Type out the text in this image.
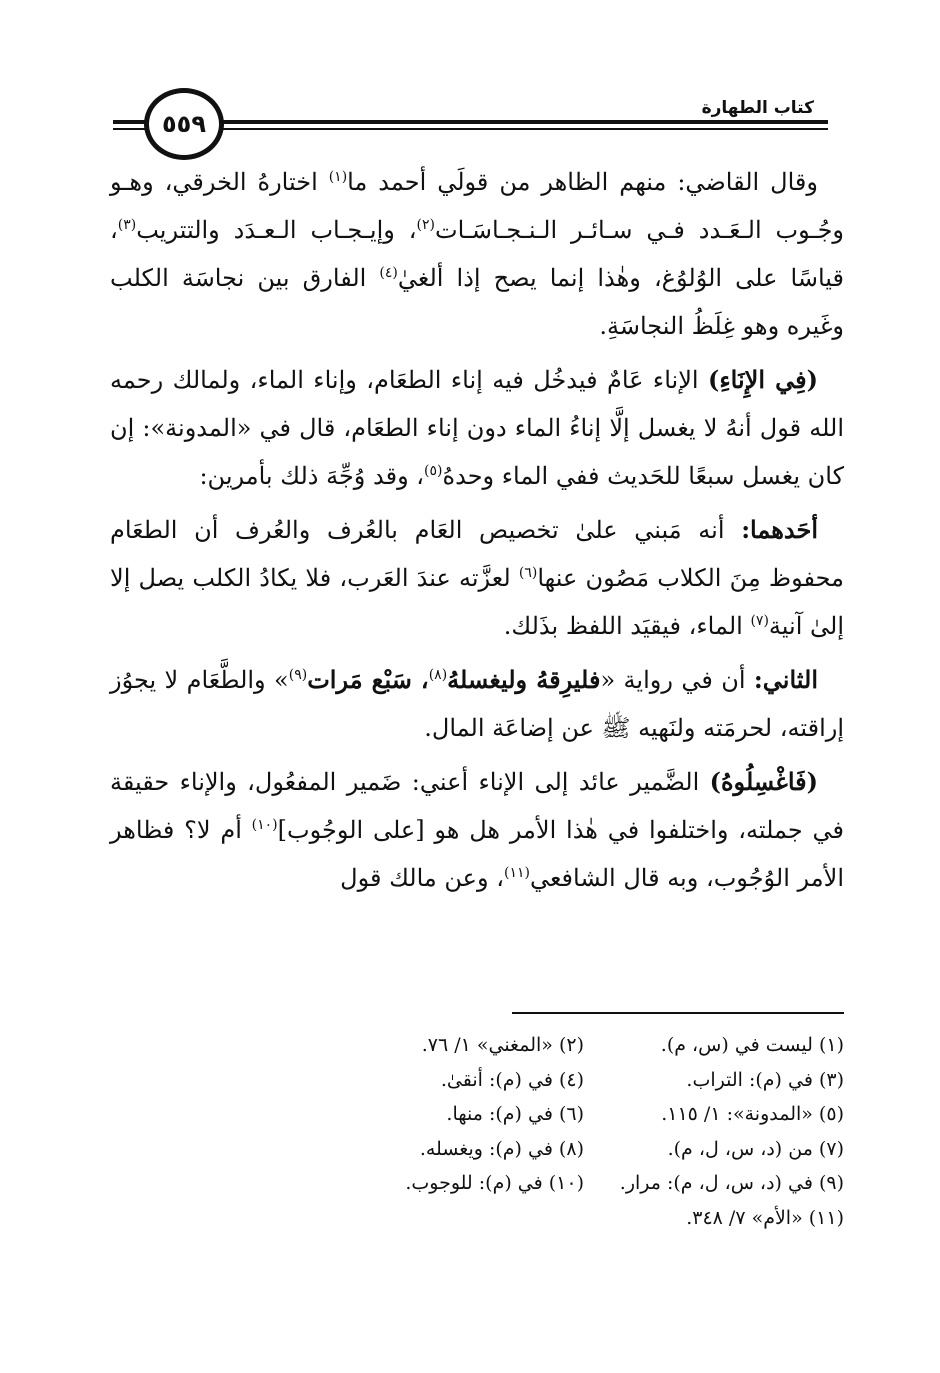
٥٥٩
كتاب الطهارة

وقال القاضي: منهم الظاهر من قولَي أحمد ما$^{(١)}$ اختارهُ الخرقي، وهـو وجُـوب الـعَـدد فـي سـائـر الـنـجـاسَـات$^{(٢)}$، وإيـجـاب الـعـدَد والتتريب$^{(٣)}$، قياسًا على الوُلوُغ، وهٰذا إنما يصح إذا ألغيٰ$^{(٤)}$ الفارق بين نجاسَة الكلب وغَيره وهو غِلَظُ النجاسَةِ.

(فِي الإِنَاءِ) الإناء عَامٌ فيدخُل فيه إناء الطعَام، وإناء الماء، ولمالك رحمه الله قول أنهُ لا يغسل إلَّا إناءُ الماء دون إناء الطعَام، قال في «المدونة»: إن كان يغسل سبعًا للحَديث ففي الماء وحدهُ$^{(٥)}$، وقد وُجِّهَ ذلك بأمرين:

أحَدهما: أنه مَبني علىٰ تخصيص العَام بالعُرف والعُرف أن الطعَام محفوظ مِنَ الكلاب مَصُون عنها$^{(٦)}$ لعزَّته عندَ العَرب، فلا يكادُ الكلب يصل إلا إلىٰ آنية$^{(٧)}$ الماء، فيقيَد اللفظ بذَلك.

الثاني: أن في رواية «فليرِقهُ وليغسلهُ$^{(٨)}$، سَبْع مَرات$^{(٩)}$» والطَّعَام لا يجوُز إراقته، لحرمَته ولنَهيه ﷺ عن إضاعَة المال.

(فَاغْسِلُوهُ) الضَّمير عائد إلى الإناء أعني: ضَمير المفعُول، والإناء حقيقة في جملته، واختلفوا في هٰذا الأمر هل هو [على الوجُوب]$^{(١٠)}$ أم لا؟ فظاهر الأمر الوُجُوب، وبه قال الشافعي$^{(١١)}$، وعن مالك قول

(١) ليست في (س، م).
(٢) «المغني» ١/ ٧٦.
(٣) في (م): التراب.
(٤) في (م): أنقىٰ.
(٥) «المدونة»: ١/ ١١٥.
(٦) في (م): منها.
(٧) من (د، س، ل، م).
(٨) في (م): ويغسله.
(٩) في (د، س، ل، م): مرار.
(١٠) في (م): للوجوب.
(١١) «الأم» ٧/ ٣٤٨.
